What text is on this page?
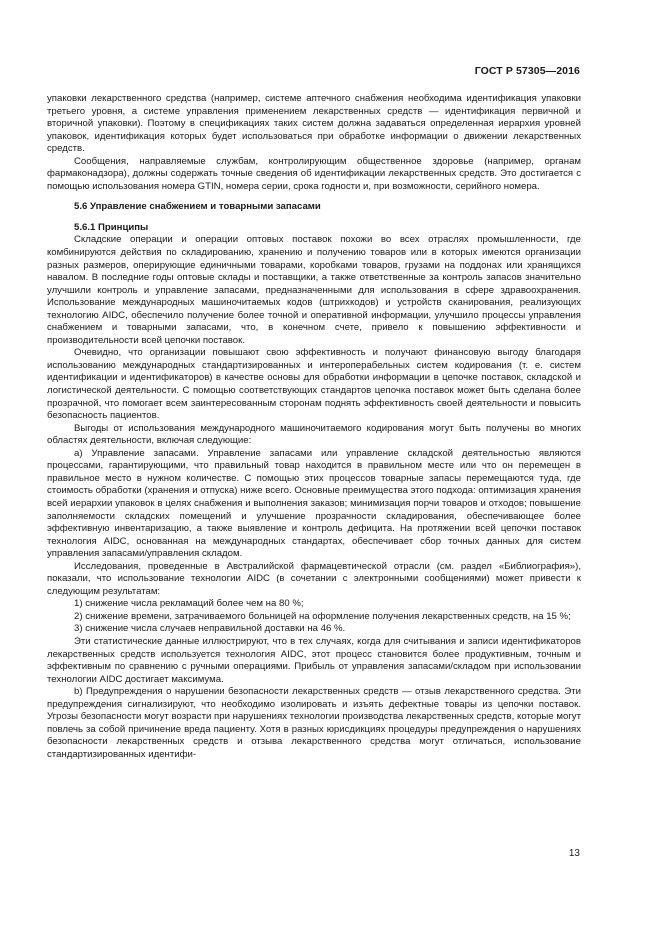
ГОСТ Р 57305—2016

упаковки лекарственного средства (например, системе аптечного снабжения необходима идентификация упаковки третьего уровня, а системе управления применением лекарственных средств — идентификация первичной и вторичной упаковки). Поэтому в спецификациях таких систем должна задаваться определенная иерархия уровней упаковок, идентификация которых будет использоваться при обработке информации о движении лекарственных средств.

Сообщения, направляемые службам, контролирующим общественное здоровье (например, органам фармаконадзора), должны содержать точные сведения об идентификации лекарственных средств. Это достигается с помощью использования номера GTIN, номера серии, срока годности и, при возможности, серийного номера.

5.6 Управление снабжением и товарными запасами

5.6.1 Принципы

Складские операции и операции оптовых поставок похожи во всех отраслях промышленности, где комбинируются действия по складированию, хранению и получению товаров или в которых имеются организации разных размеров, оперирующие единичными товарами, коробками товаров, грузами на поддонах или хранящихся навалом. В последние годы оптовые склады и поставщики, а также ответственные за контроль запасов значительно улучшили контроль и управление запасами, предназначенными для использования в сфере здравоохранения. Использование международных машиночитаемых кодов (штрихкодов) и устройств сканирования, реализующих технологию AIDC, обеспечило получение более точной и оперативной информации, улучшило процессы управления снабжением и товарными запасами, что, в конечном счете, привело к повышению эффективности и производительности всей цепочки поставок.

Очевидно, что организации повышают свою эффективность и получают финансовую выгоду благодаря использованию международных стандартизированных и интероперабельных систем кодирования (т. е. систем идентификации и идентификаторов) в качестве основы для обработки информации в цепочке поставок, складской и логистической деятельности. С помощью соответствующих стандартов цепочка поставок может быть сделана более прозрачной, что помогает всем заинтересованным сторонам поднять эффективность своей деятельности и повысить безопасность пациентов.

Выгоды от использования международного машиночитаемого кодирования могут быть получены во многих областях деятельности, включая следующие:

a) Управление запасами. Управление запасами или управление складской деятельностью являются процессами, гарантирующими, что правильный товар находится в правильном месте или что он перемещен в правильное место в нужном количестве. С помощью этих процессов товарные запасы перемещаются туда, где стоимость обработки (хранения и отпуска) ниже всего. Основные преимущества этого подхода: оптимизация хранения всей иерархии упаковок в целях снабжения и выполнения заказов; минимизация порчи товаров и отходов; повышение заполняемости складских помещений и улучшение прозрачности складирования, обеспечивающее более эффективную инвентаризацию, а также выявление и контроль дефицита. На протяжении всей цепочки поставок технология AIDC, основанная на международных стандартах, обеспечивает сбор точных данных для систем управления запасами/управления складом.

Исследования, проведенные в Австралийской фармацевтической отрасли (см. раздел «Библиография»), показали, что использование технологии AIDC (в сочетании с электронными сообщениями) может привести к следующим результатам:

1) снижение числа рекламаций более чем на 80 %;

2) снижение времени, затрачиваемого больницей на оформление получения лекарственных средств, на 15 %;

3) снижение числа случаев неправильной доставки на 46 %.

Эти статистические данные иллюстрируют, что в тех случаях, когда для считывания и записи идентификаторов лекарственных средств используется технология AIDC, этот процесс становится более продуктивным, точным и эффективным по сравнению с ручными операциями. Прибыль от управления запасами/складом при использовании технологии AIDC достигает максимума.

b) Предупреждения о нарушении безопасности лекарственных средств — отзыв лекарственного средства. Эти предупреждения сигнализируют, что необходимо изолировать и изъять дефектные товары из цепочки поставок. Угрозы безопасности могут возрасти при нарушениях технологии производства лекарственных средств, которые могут повлечь за собой причинение вреда пациенту. Хотя в разных юрисдикциях процедуры предупреждения о нарушениях безопасности лекарственных средств и отзыва лекарственного средства могут отличаться, использование стандартизированных идентифи-

13
